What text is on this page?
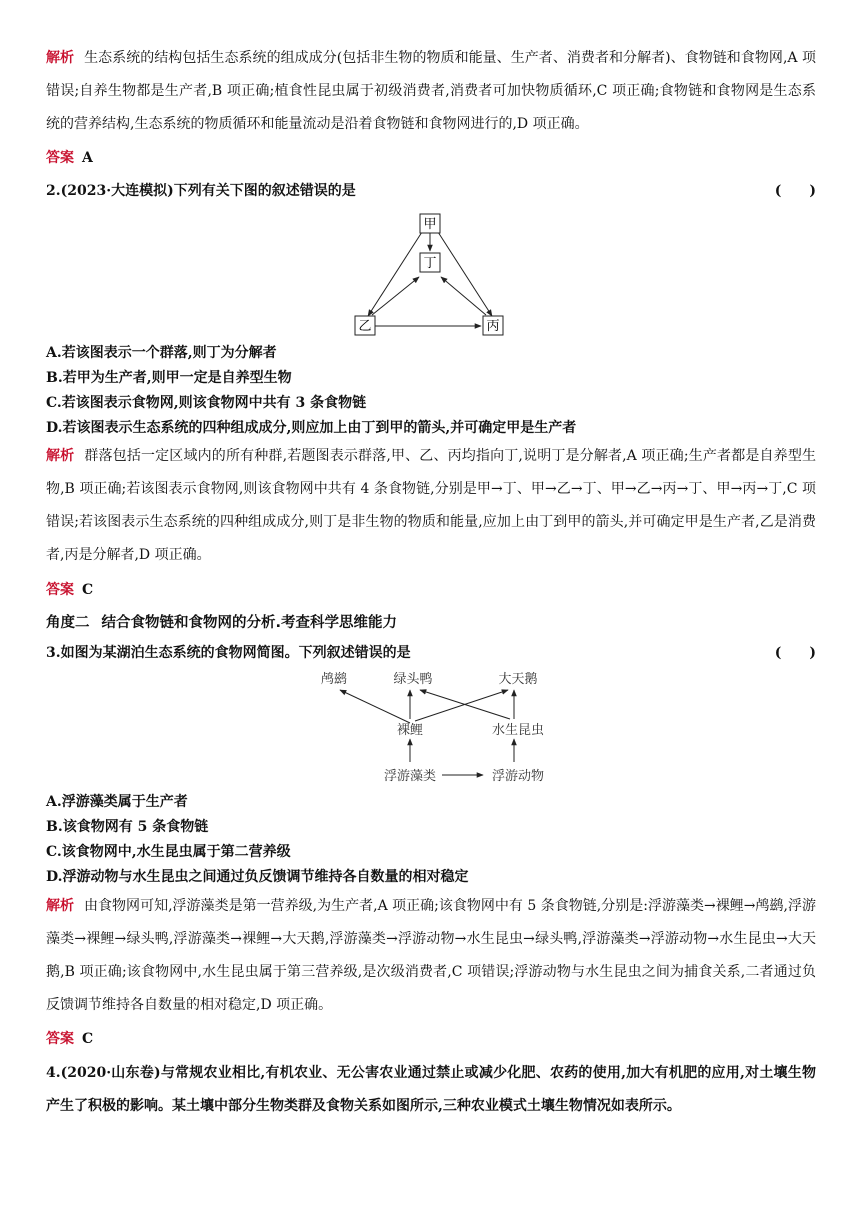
解析 生态系统的结构包括生态系统的组成成分(包括非生物的物质和能量、生产者、消费者和分解者)、食物链和食物网,A 项错误;自养生物都是生产者,B 项正确;植食性昆虫属于初级消费者,消费者可加快物质循环,C 项正确;食物链和食物网是生态系统的营养结构,生态系统的物质循环和能量流动是沿着食物链和食物网进行的,D 项正确。

答案 A
2.(2023·大连模拟)下列有关下图的叙述错误的是	(　　)
甲
丁
乙	丙
A.若该图表示一个群落,则丁为分解者
B.若甲为生产者,则甲一定是自养型生物
C.若该图表示食物网,则该食物网中共有 3 条食物链
D.若该图表示生态系统的四种组成成分,则应加上由丁到甲的箭头,并可确定甲是生产者

解析 群落包括一定区域内的所有种群,若题图表示群落,甲、乙、丙均指向丁,说明丁是分解者,A 项正确;生产者都是自养型生物,B 项正确;若该图表示食物网,则该食物网中共有 4 条食物链,分别是甲→丁、甲→乙→丁、甲→乙→丙→丁、甲→丙→丁,C 项错误;若该图表示生态系统的四种组成成分,则丁是非生物的物质和能量,应加上由丁到甲的箭头,并可确定甲是生产者,乙是消费者,丙是分解者,D 项正确。

答案 C
角度二 结合食物链和食物网的分析.考查科学思维能力
3.如图为某湖泊生态系统的食物网简图。下列叙述错误的是	(　　)
鸬鹚	绿头鸭	大天鹅
裸鲤	水生昆虫
浮游藻类	浮游动物
A.浮游藻类属于生产者
B.该食物网有 5 条食物链
C.该食物网中,水生昆虫属于第二营养级
D.浮游动物与水生昆虫之间通过负反馈调节维持各自数量的相对稳定

解析 由食物网可知,浮游藻类是第一营养级,为生产者,A 项正确;该食物网中有 5 条食物链,分别是:浮游藻类→裸鲤→鸬鹚,浮游藻类→裸鲤→绿头鸭,浮游藻类→裸鲤→大天鹅,浮游藻类→浮游动物→水生昆虫→绿头鸭,浮游藻类→浮游动物→水生昆虫→大天鹅,B 项正确;该食物网中,水生昆虫属于第三营养级,是次级消费者,C 项错误;浮游动物与水生昆虫之间为捕食关系,二者通过负反馈调节维持各自数量的相对稳定,D 项正确。

答案 C

4.(2020·山东卷)与常规农业相比,有机农业、无公害农业通过禁止或减少化肥、农药的使用,加大有机肥的应用,对土壤生物产生了积极的影响。某土壤中部分生物类群及食物关系如图所示,三种农业模式土壤生物情况如表所示。
